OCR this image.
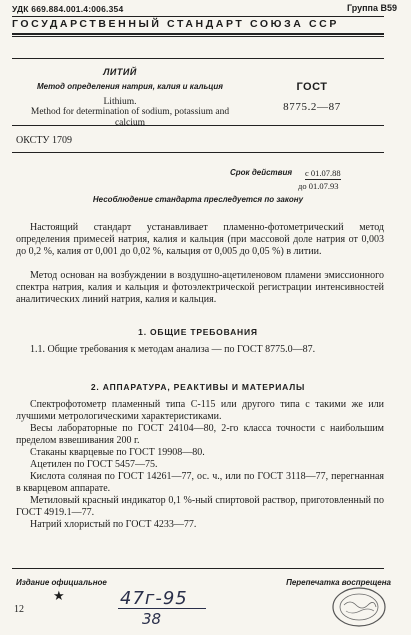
УДК 669.884.001.4:006.354	Группа В59
ГОСУДАРСТВЕННЫЙ СТАНДАРТ СОЮЗА ССР
ЛИТИЙ
Метод определения натрия, калия и кальция
Lithium.
Method for determination of sodium, potassium and calcium
ГОСТ
8775.2—87
ОКСТУ 1709
Срок действия с 01.07.88
до 01.07.93
Несоблюдение стандарта преследуется по закону
Настоящий стандарт устанавливает пламенно-фотометрический метод определения примесей натрия, калия и кальция (при массовой доле натрия от 0,003 до 0,2 %, калия от 0,001 до 0,02 %, кальция от 0,005 до 0,05 %) в литии.
Метод основан на возбуждении в воздушно-ацетиленовом пламени эмиссионного спектра натрия, калия и кальция и фотоэлектрической регистрации интенсивностей аналитических линий натрия, калия и кальция.
1. ОБЩИЕ ТРЕБОВАНИЯ
1.1. Общие требования к методам анализа — по ГОСТ 8775.0—87.
2. АППАРАТУРА, РЕАКТИВЫ И МАТЕРИАЛЫ
Спектрофотометр пламенный типа С-115 или другого типа с такими же или лучшими метрологическими характеристиками.
Весы лабораторные по ГОСТ 24104—80, 2-го класса точности с наибольшим пределом взвешивания 200 г.
Стаканы кварцевые по ГОСТ 19908—80.
Ацетилен по ГОСТ 5457—75.
Кислота соляная по ГОСТ 14261—77, ос. ч., или по ГОСТ 3118—77, перегнанная в кварцевом аппарате.
Метиловый красный индикатор 0,1 %-ный спиртовой раствор, приготовленный по ГОСТ 4919.1—77.
Натрий хлористый по ГОСТ 4233—77.
Издание официальное	Перепечатка воспрещена
12
★	47г-95
38
